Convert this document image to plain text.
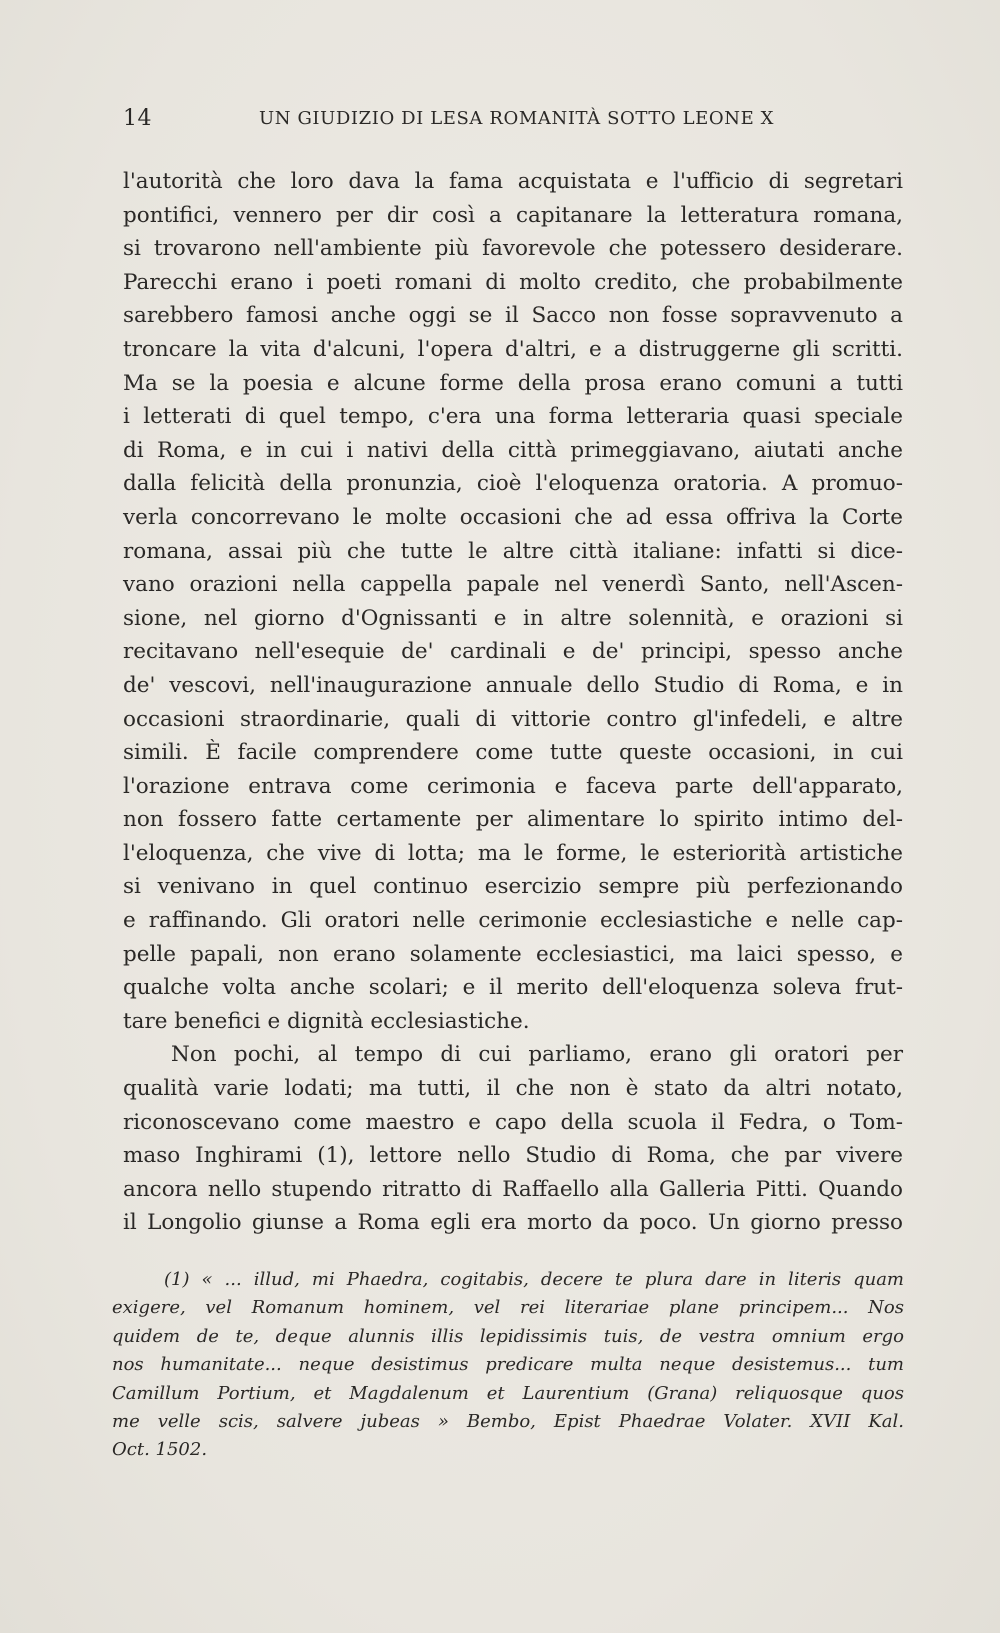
14	UN GIUDIZIO DI LESA ROMANITÀ SOTTO LEONE X
l'autorità che loro dava la fama acquistata e l'ufficio di segretari
pontifici, vennero per dir così a capitanare la letteratura romana,
si trovarono nell'ambiente più favorevole che potessero desiderare.
Parecchi erano i poeti romani di molto credito, che probabilmente
sarebbero famosi anche oggi se il Sacco non fosse sopravvenuto a
troncare la vita d'alcuni, l'opera d'altri, e a distruggerne gli scritti.
Ma se la poesia e alcune forme della prosa erano comuni a tutti
i letterati di quel tempo, c'era una forma letteraria quasi speciale
di Roma, e in cui i nativi della città primeggiavano, aiutati anche
dalla felicità della pronunzia, cioè l'eloquenza oratoria. A promuo-
verla concorrevano le molte occasioni che ad essa offriva la Corte
romana, assai più che tutte le altre città italiane: infatti si dice-
vano orazioni nella cappella papale nel venerdì Santo, nell'Ascen-
sione, nel giorno d'Ognissanti e in altre solennità, e orazioni si
recitavano nell'esequie de' cardinali e de' principi, spesso anche
de' vescovi, nell'inaugurazione annuale dello Studio di Roma, e in
occasioni straordinarie, quali di vittorie contro gl'infedeli, e altre
simili. È facile comprendere come tutte queste occasioni, in cui
l'orazione entrava come cerimonia e faceva parte dell'apparato,
non fossero fatte certamente per alimentare lo spirito intimo del-
l'eloquenza, che vive di lotta; ma le forme, le esteriorità artistiche
si venivano in quel continuo esercizio sempre più perfezionando
e raffinando. Gli oratori nelle cerimonie ecclesiastiche e nelle cap-
pelle papali, non erano solamente ecclesiastici, ma laici spesso, e
qualche volta anche scolari; e il merito dell'eloquenza soleva frut-
tare benefici e dignità ecclesiastiche.
Non pochi, al tempo di cui parliamo, erano gli oratori per
qualità varie lodati; ma tutti, il che non è stato da altri notato,
riconoscevano come maestro e capo della scuola il Fedra, o Tom-
maso Inghirami (1), lettore nello Studio di Roma, che par vivere
ancora nello stupendo ritratto di Raffaello alla Galleria Pitti. Quando
il Longolio giunse a Roma egli era morto da poco. Un giorno presso
(1) « ... illud, mi Phaedra, cogitabis, decere te plura dare in literis quam
exigere, vel Romanum hominem, vel rei literariae plane principem... Nos
quidem de te, deque alunnis illis lepidissimis tuis, de vestra omnium ergo
nos humanitate... neque desistimus predicare multa neque desistemus... tum
Camillum Portium, et Magdalenum et Laurentium (Grana) reliquosque quos
me velle scis, salvere jubeas » Bembo, Epist Phaedrae Volater. XVII Kal.
Oct. 1502.
